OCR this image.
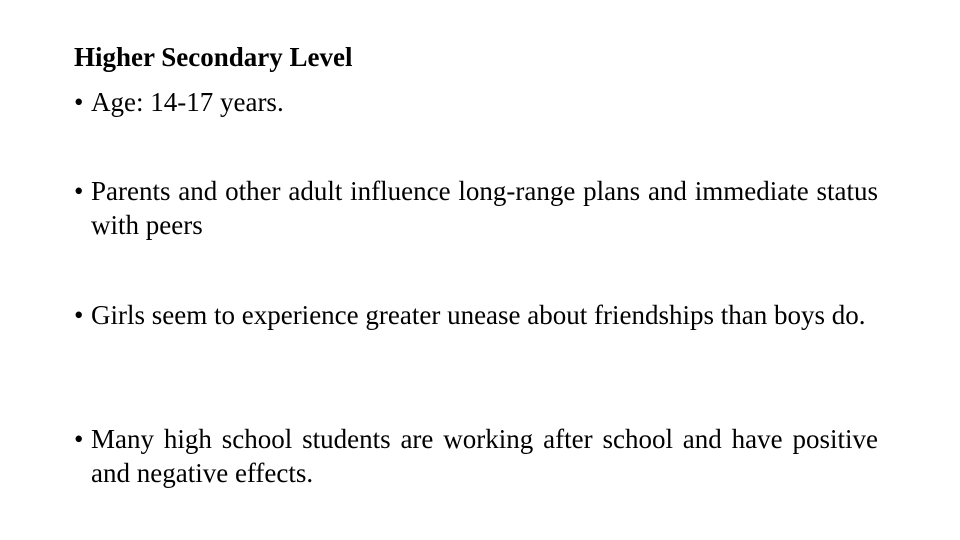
Higher Secondary Level
• Age: 14-17 years.
• Parents and other adult influence long-range plans and immediate status with peers
• Girls seem to experience greater unease about friendships than boys do.
• Many high school students are working after school and have positive and negative effects.
